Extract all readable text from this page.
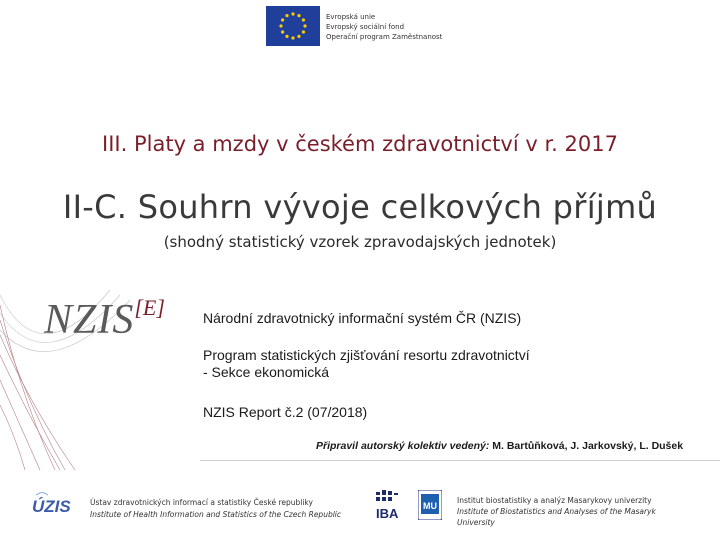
Evropská unie
Evropský sociální fond
Operační program Zaměstnanost
III. Platy a mzdy v českém zdravotnictví v r. 2017
II-C. Souhrn vývoje celkových příjmů
(shodný statistický vzorek zpravodajských jednotek)
NZIS[E]	Národní zdravotnický informační systém ČR (NZIS)
Program statistických zjišťování resortu zdravotnictví
- Sekce ekonomická
NZIS Report č.2 (07/2018)
Připravil autorský kolektiv vedený: M. Bartůňková, J. Jarkovský, L. Dušek
ÚZIS	Ústav zdravotnických informací a statistiky České republiky
Institute of Health Information and Statistics of the Czech Republic	IBA	MU
Institut biostatistiky a analýz Masarykovy univerzity
Institute of Biostatistics and Analyses of the Masaryk
University
